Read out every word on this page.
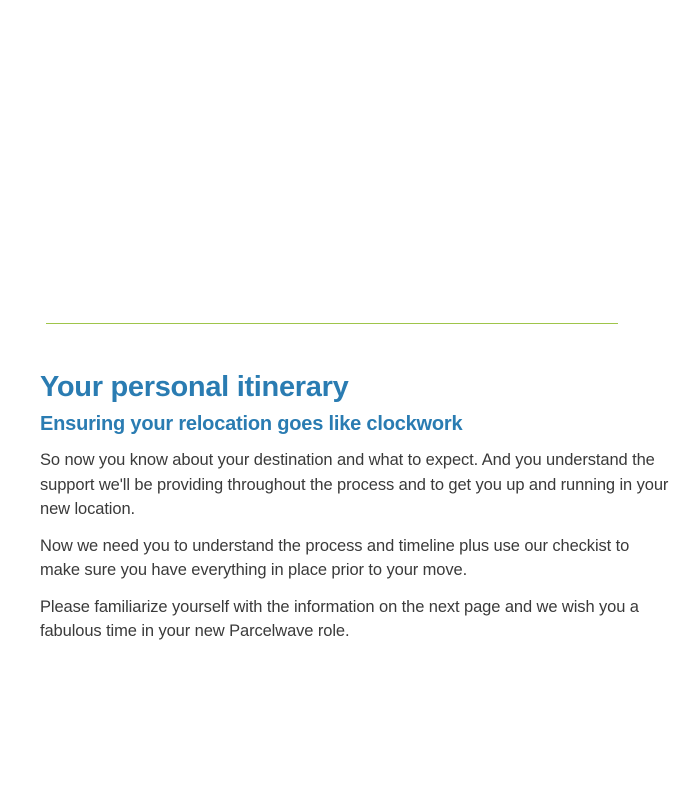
Your personal itinerary
Ensuring your relocation goes like clockwork

So now you know about your destination and what to expect. And you understand the support we'll be providing throughout the process and to get you up and running in your new location.

Now we need you to understand the process and timeline plus use our checkist to make sure you have everything in place prior to your move.

Please familiarize yourself with the information on the next page and we wish you a fabulous time in your new Parcelwave role.
